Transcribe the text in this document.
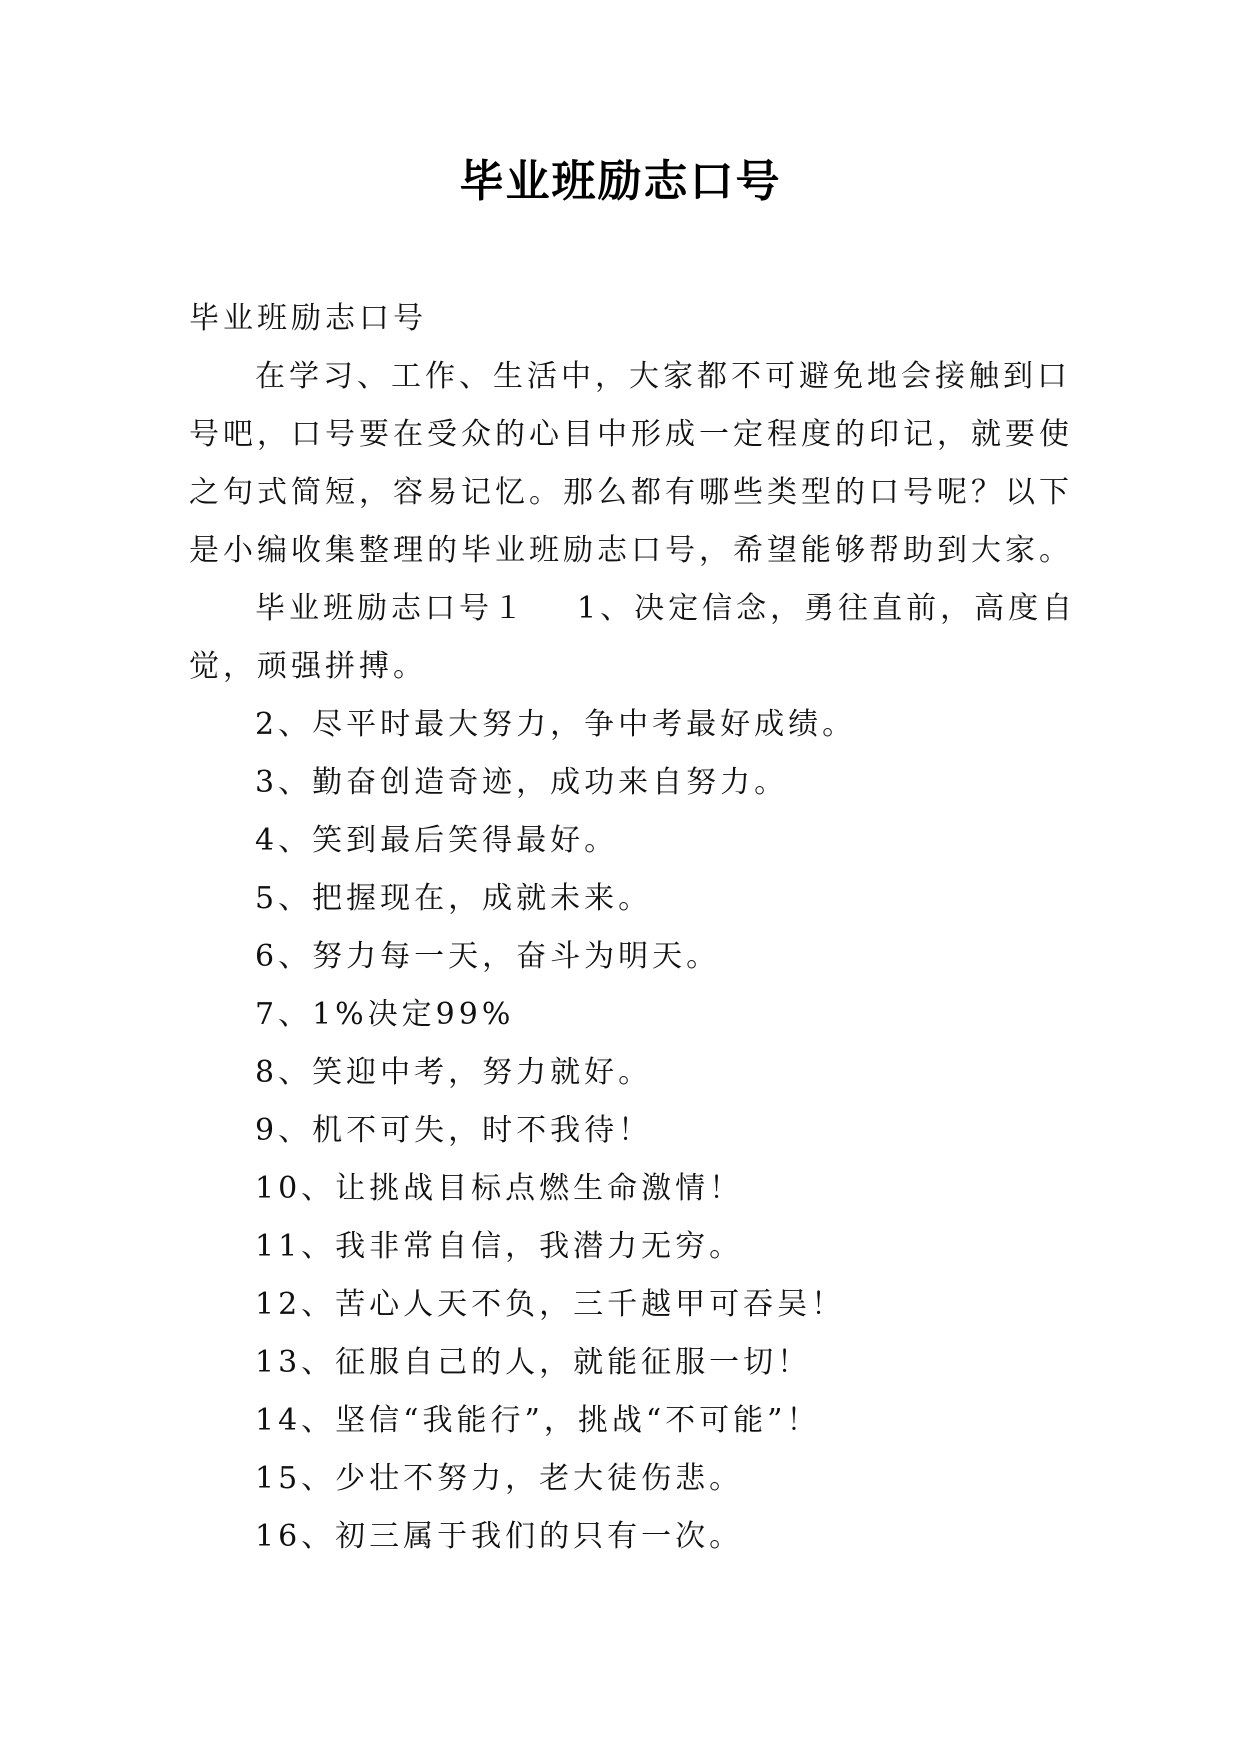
毕业班励志口号
毕业班励志口号
在学习、工作、生活中，大家都不可避免地会接触到口
号吧，口号要在受众的心目中形成一定程度的印记，就要使
之句式简短，容易记忆。那么都有哪些类型的口号呢？以下
是小编收集整理的毕业班励志口号，希望能够帮助到大家。
毕业班励志口号１ 1、决定信念，勇往直前，高度自
觉，顽强拼搏。
2、尽平时最大努力，争中考最好成绩。
3、勤奋创造奇迹，成功来自努力。
4、笑到最后笑得最好。
5、把握现在，成就未来。
6、努力每一天，奋斗为明天。
7、1%决定99%
8、笑迎中考，努力就好。
9、机不可失，时不我待！
10、让挑战目标点燃生命激情！
11、我非常自信，我潜力无穷。
12、苦心人天不负，三千越甲可吞吴！
13、征服自己的人，就能征服一切！
14、坚信“我能行”，挑战“不可能”！
15、少壮不努力，老大徒伤悲。
16、初三属于我们的只有一次。
